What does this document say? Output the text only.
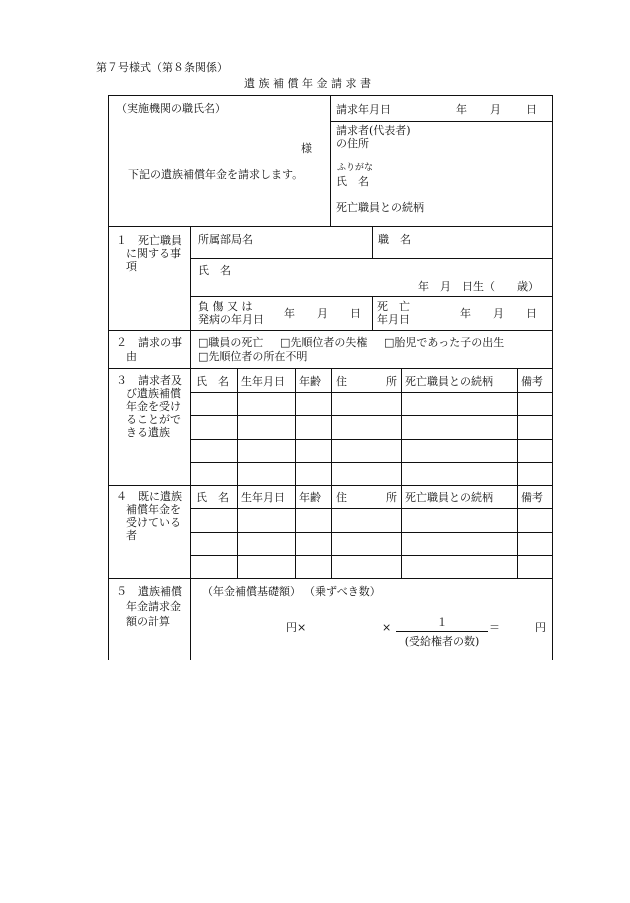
第７号様式（第８条関係）
遺 族 補 償 年 金 請 求 書
（実施機関の職氏名）
様
下記の遺族補償年金を請求します。
請求年月日	年 月 日
請求者(代表者)
の住所
ふりがな
氏　名
死亡職員との続柄
１　死亡職員
に関する事
項
所属部局名	職　名
氏　名
年　月　日生（　　歳）
負 傷 又 は
発病の年月日 年　　月　　日
死　亡
年月日	年　　月　　日
２　請求の事
由
□職員の死亡 □先順位者の失権 □胎児であった子の出生
□先順位者の所在不明
３　請求者及
び遺族補償
年金を受け
ることがで
きる遺族
氏　名 生年月日 年齢 住	所 死亡職員との続柄	備考
４　既に遺族
補償年金を
受けている
者
氏　名 生年月日 年齢 住	所 死亡職員との続柄	備考
５　遺族補償
年金請求金
額の計算
（年金補償基礎額） （乗ずべき数）
円×	×	１
(受給権者の数)
＝	円
